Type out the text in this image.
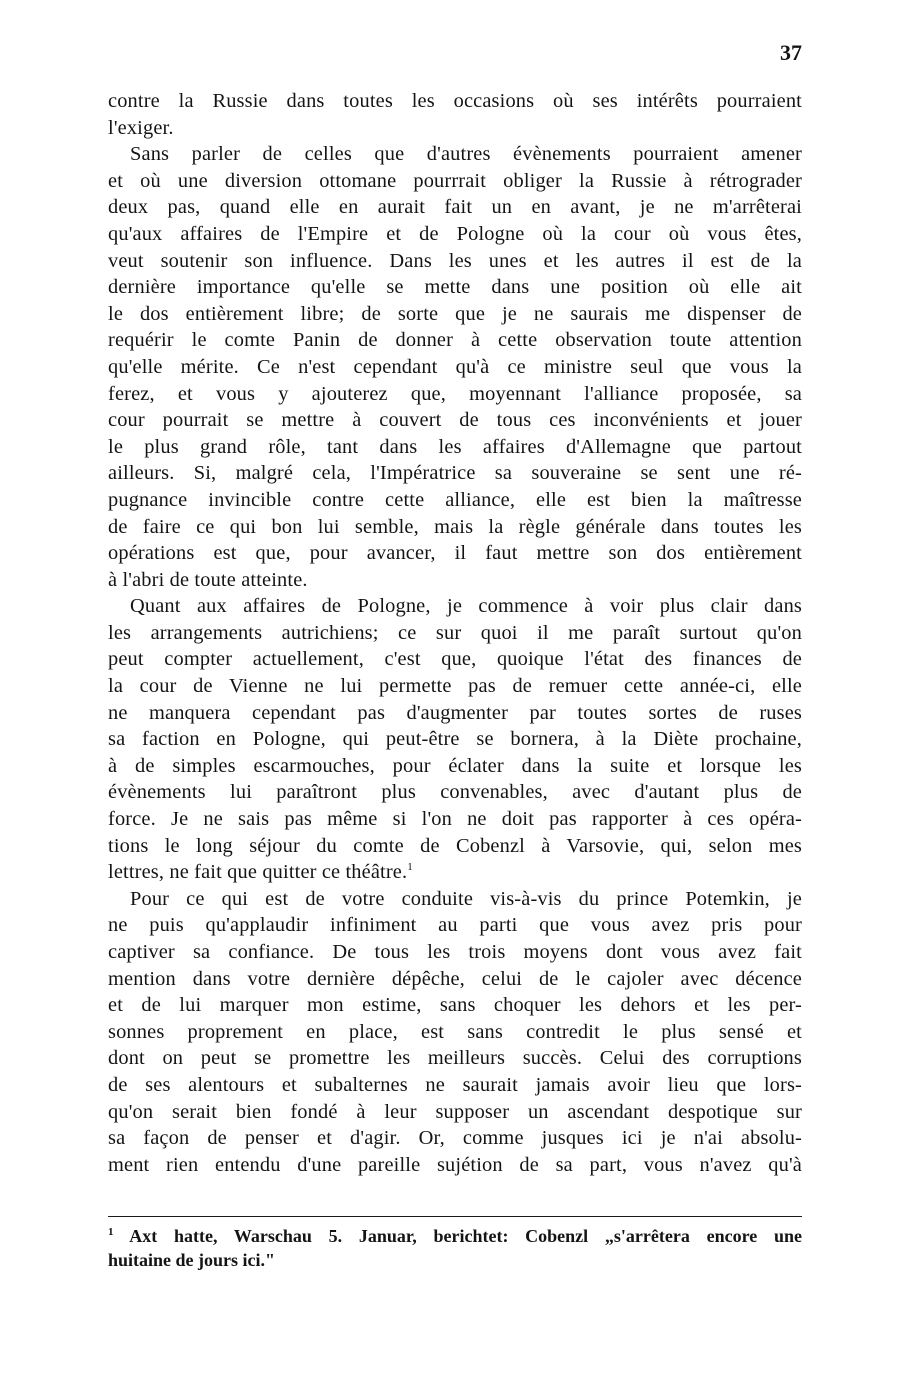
37
contre la Russie dans toutes les occasions où ses intérêts pourraient
l'exiger.
Sans parler de celles que d'autres évènements pourraient amener
et où une diversion ottomane pourrrait obliger la Russie à rétrograder
deux pas, quand elle en aurait fait un en avant, je ne m'arrêterai
qu'aux affaires de l'Empire et de Pologne où la cour où vous êtes,
veut soutenir son influence. Dans les unes et les autres il est de la
dernière importance qu'elle se mette dans une position où elle ait
le dos entièrement libre; de sorte que je ne saurais me dispenser de
requérir le comte Panin de donner à cette observation toute attention
qu'elle mérite. Ce n'est cependant qu'à ce ministre seul que vous la
ferez, et vous y ajouterez que, moyennant l'alliance proposée, sa
cour pourrait se mettre à couvert de tous ces inconvénients et jouer
le plus grand rôle, tant dans les affaires d'Allemagne que partout
ailleurs. Si, malgré cela, l'Impératrice sa souveraine se sent une ré-
pugnance invincible contre cette alliance, elle est bien la maîtresse
de faire ce qui bon lui semble, mais la règle générale dans toutes les
opérations est que, pour avancer, il faut mettre son dos entièrement
à l'abri de toute atteinte.
Quant aux affaires de Pologne, je commence à voir plus clair dans
les arrangements autrichiens; ce sur quoi il me paraît surtout qu'on
peut compter actuellement, c'est que, quoique l'état des finances de
la cour de Vienne ne lui permette pas de remuer cette année-ci, elle
ne manquera cependant pas d'augmenter par toutes sortes de ruses
sa faction en Pologne, qui peut-être se bornera, à la Diète prochaine,
à de simples escarmouches, pour éclater dans la suite et lorsque les
évènements lui paraîtront plus convenables, avec d'autant plus de
force. Je ne sais pas même si l'on ne doit pas rapporter à ces opéra-
tions le long séjour du comte de Cobenzl à Varsovie, qui, selon mes
lettres, ne fait que quitter ce théâtre.$^1$
Pour ce qui est de votre conduite vis-à-vis du prince Potemkin, je
ne puis qu'applaudir infiniment au parti que vous avez pris pour
captiver sa confiance. De tous les trois moyens dont vous avez fait
mention dans votre dernière dépêche, celui de le cajoler avec décence
et de lui marquer mon estime, sans choquer les dehors et les per-
sonnes proprement en place, est sans contredit le plus sensé et
dont on peut se promettre les meilleurs succès. Celui des corruptions
de ses alentours et subalternes ne saurait jamais avoir lieu que lors-
qu'on serait bien fondé à leur supposer un ascendant despotique sur
sa façon de penser et d'agir. Or, comme jusques ici je n'ai absolu-
ment rien entendu d'une pareille sujétion de sa part, vous n'avez qu'à
$^1$ Axt hatte, Warschau 5. Januar, berichtet: Cobenzl „s'arrêtera encore une
huitaine de jours ici."
